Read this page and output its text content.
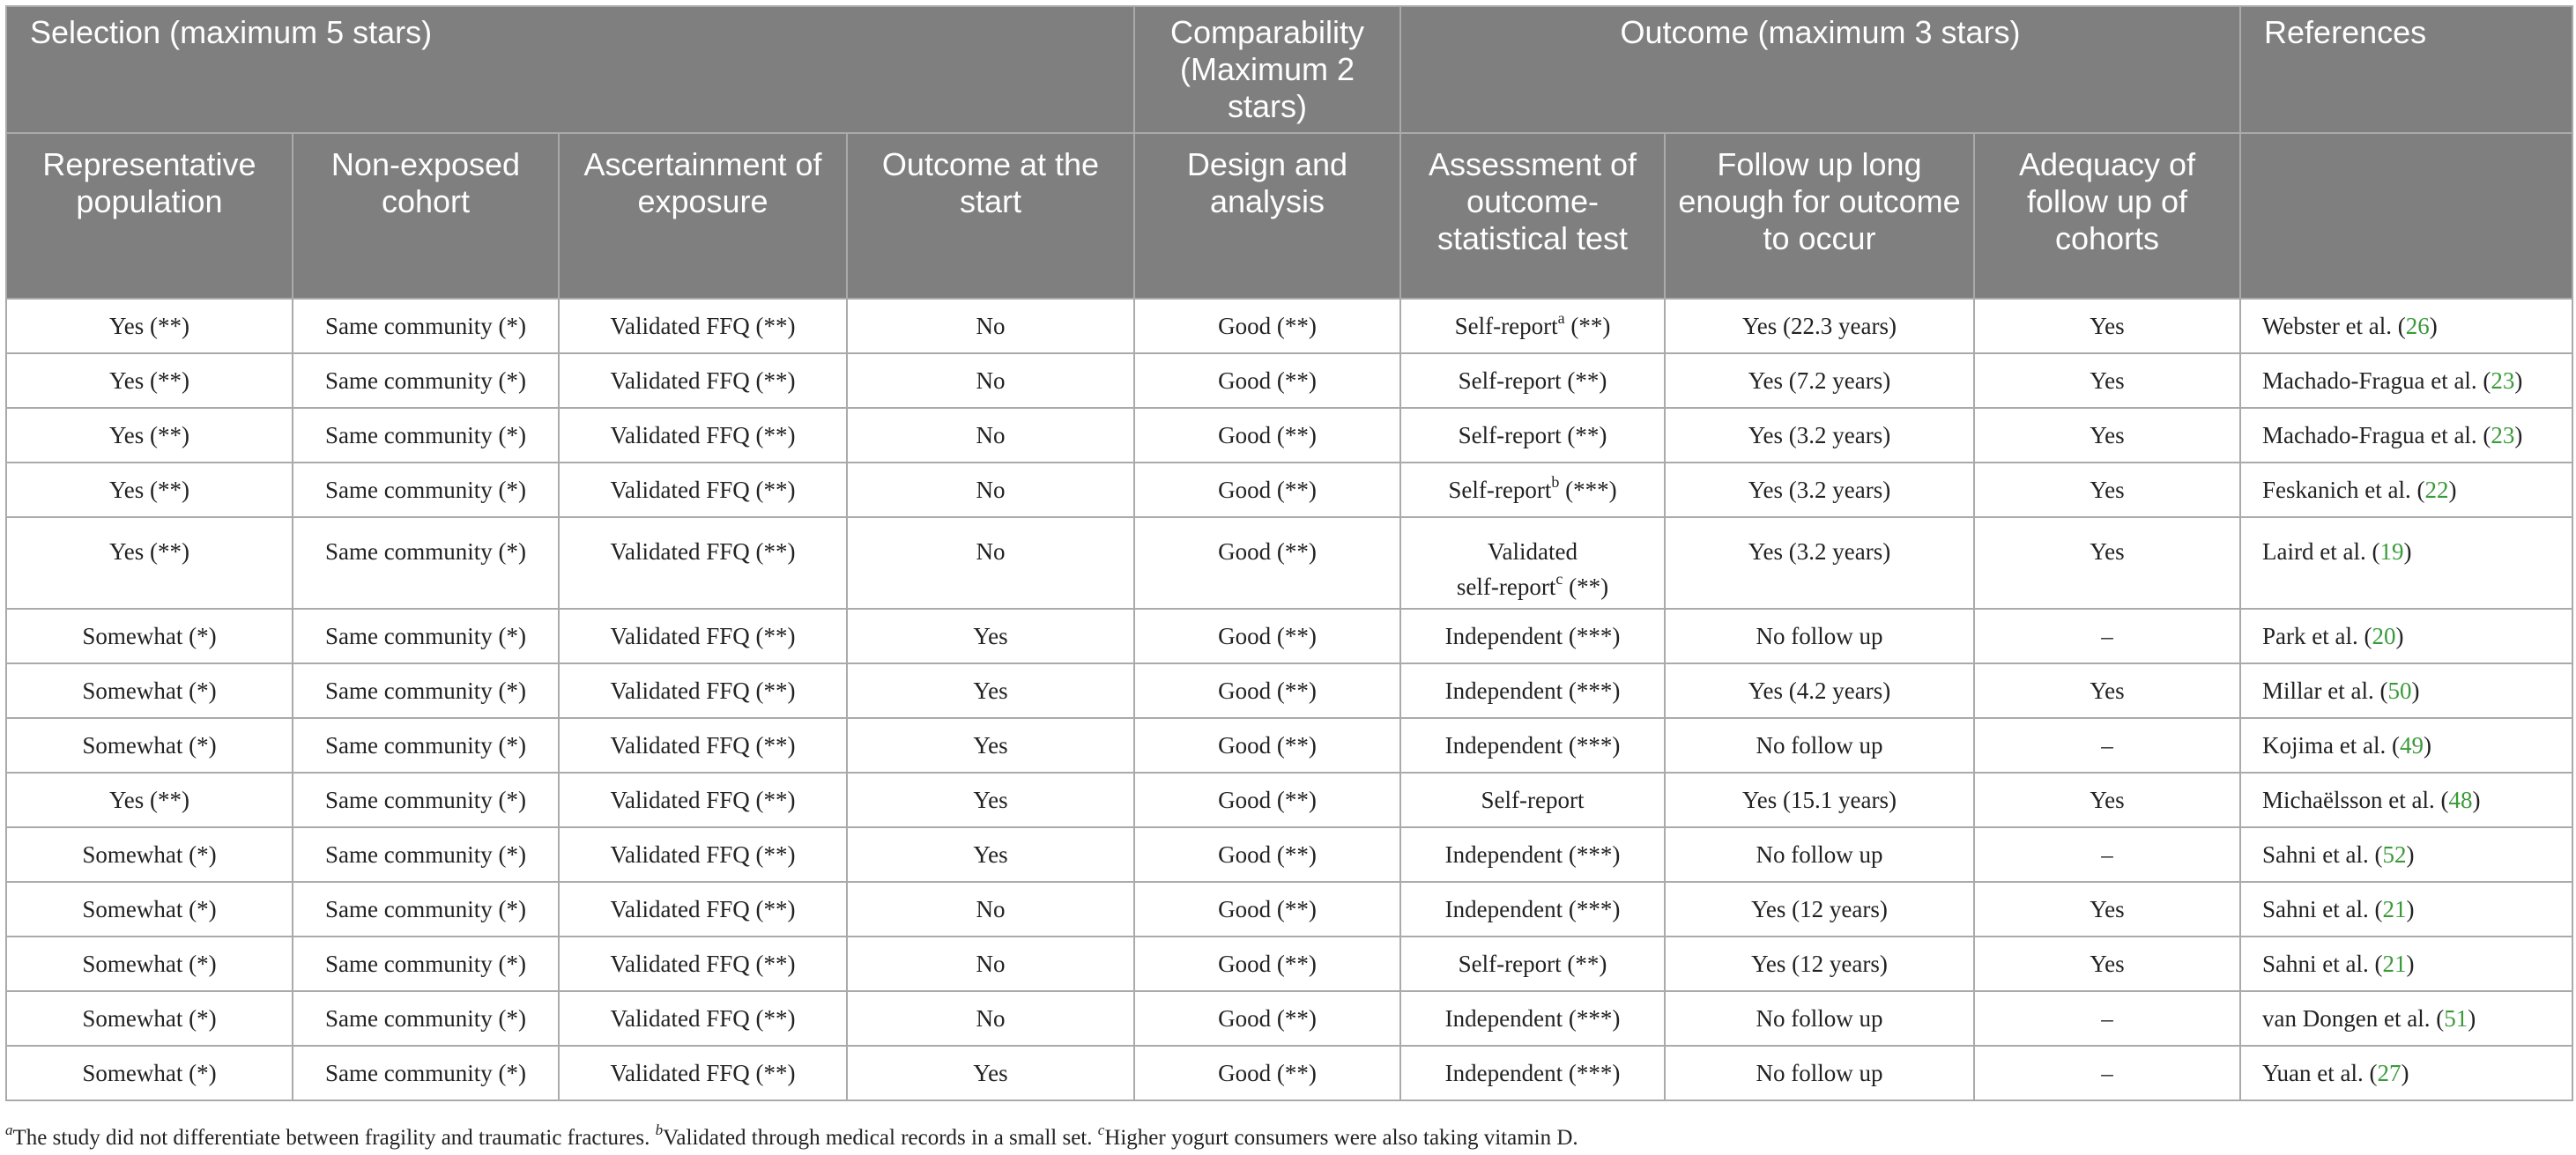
Selection (maximum 5 stars)				Comparability (Maximum 2 stars)	Outcome (maximum 3 stars)			References
Representative population	Non-exposed cohort	Ascertainment of exposure	Outcome at the start	Design and analysis	Assessment of outcome-statistical test	Follow up long enough for outcome to occur	Adequacy of follow up of cohorts	
Yes (**)	Same community (*)	Validated FFQ (**)	No	Good (**)	Self-report$^a$ (**)	Yes (22.3 years)	Yes	Webster et al. (26)
Yes (**)	Same community (*)	Validated FFQ (**)	No	Good (**)	Self-report (**)	Yes (7.2 years)	Yes	Machado-Fragua et al. (23)
Yes (**)	Same community (*)	Validated FFQ (**)	No	Good (**)	Self-report (**)	Yes (3.2 years)	Yes	Machado-Fragua et al. (23)
Yes (**)	Same community (*)	Validated FFQ (**)	No	Good (**)	Self-report$^b$ (***)	Yes (3.2 years)	Yes	Feskanich et al. (22)
Yes (**)	Same community (*)	Validated FFQ (**)	No	Good (**)	Validated
self-report$^c$ (**)	Yes (3.2 years)	Yes	Laird et al. (19)
Somewhat (*)	Same community (*)	Validated FFQ (**)	Yes	Good (**)	Independent (***)	No follow up	–	Park et al. (20)
Somewhat (*)	Same community (*)	Validated FFQ (**)	Yes	Good (**)	Independent (***)	Yes (4.2 years)	Yes	Millar et al. (50)
Somewhat (*)	Same community (*)	Validated FFQ (**)	Yes	Good (**)	Independent (***)	No follow up	–	Kojima et al. (49)
Yes (**)	Same community (*)	Validated FFQ (**)	Yes	Good (**)	Self-report	Yes (15.1 years)	Yes	Michaëlsson et al. (48)
Somewhat (*)	Same community (*)	Validated FFQ (**)	Yes	Good (**)	Independent (***)	No follow up	–	Sahni et al. (52)
Somewhat (*)	Same community (*)	Validated FFQ (**)	No	Good (**)	Independent (***)	Yes (12 years)	Yes	Sahni et al. (21)
Somewhat (*)	Same community (*)	Validated FFQ (**)	No	Good (**)	Self-report (**)	Yes (12 years)	Yes	Sahni et al. (21)
Somewhat (*)	Same community (*)	Validated FFQ (**)	No	Good (**)	Independent (***)	No follow up	–	van Dongen et al. (51)
Somewhat (*)	Same community (*)	Validated FFQ (**)	Yes	Good (**)	Independent (***)	No follow up	–	Yuan et al. (27)
$^a$The study did not differentiate between fragility and traumatic fractures. $^b$Validated through medical records in a small set. $^c$Higher yogurt consumers were also taking vitamin D.
